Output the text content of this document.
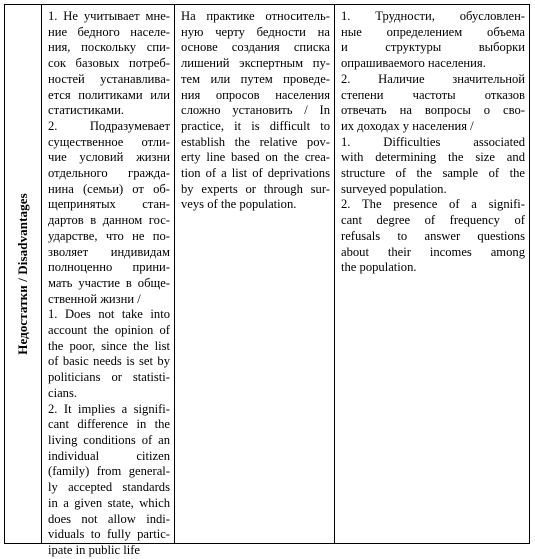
Недостатки / Disadvantages
1. Не учитывает мне-
ние бедного населе-
ния, поскольку спи-
сок базовых потреб-
ностей устанавлива-
ется политиками или
статистиками.
2. Подразумевает
существенное отли-
чие условий жизни
отдельного гражда-
нина (семьи) от об-
щепринятых стан-
дартов в данном гос-
ударстве, что не по-
зволяет индивидам
полноценно прини-
мать участие в обще-
ственной жизни /
1. Does not take into
account the opinion of
the poor, since the list
of basic needs is set by
politicians or statisti-
cians.
2. It implies a signifi-
cant difference in the
living conditions of an
individual citizen
(family) from general-
ly accepted standards
in a given state, which
does not allow indi-
viduals to fully partic-
ipate in public life
На практике относитель-
ную черту бедности на
основе создания списка
лишений экспертным пу-
тем или путем проведе-
ния опросов населения
сложно установить / In
practice, it is difficult to
establish the relative pov-
erty line based on the crea-
tion of a list of deprivations
by experts or through sur-
veys of the population.
1. Трудности, обусловлен-
ные определением объема
и структуры выборки
опрашиваемого населения.
2. Наличие значительной
степени частоты отказов
отвечать на вопросы о сво-
их доходах у населения /
1. Difficulties associated
with determining the size and
structure of the sample of the
surveyed population.
2. The presence of a signifi-
cant degree of frequency of
refusals to answer questions
about their incomes among
the population.
